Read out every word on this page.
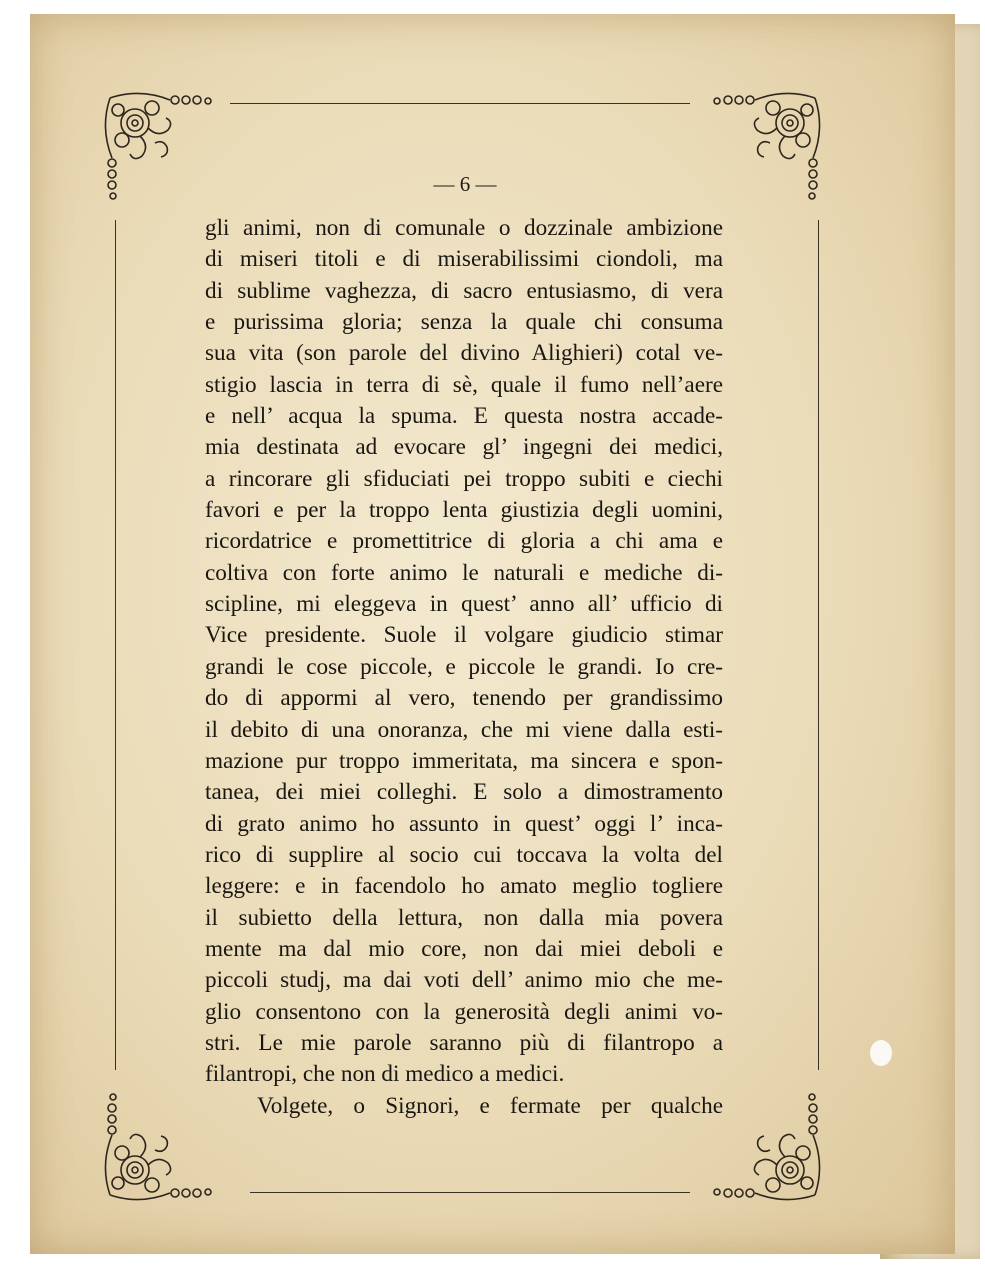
— 6 —
gli animi, non di comunale o dozzinale ambizione
di miseri titoli e di miserabilissimi ciondoli, ma
di sublime vaghezza, di sacro entusiasmo, di vera
e purissima gloria; senza la quale chi consuma
sua vita (son parole del divino Alighieri) cotal ve-
stigio lascia in terra di sè, quale il fumo nell’aere
e nell’ acqua la spuma. E questa nostra accade-
mia destinata ad evocare gl’ ingegni dei medici,
a rincorare gli sfiduciati pei troppo subiti e ciechi
favori e per la troppo lenta giustizia degli uomini,
ricordatrice e promettitrice di gloria a chi ama e
coltiva con forte animo le naturali e mediche di-
scipline, mi eleggeva in quest’ anno all’ ufficio di
Vice presidente. Suole il volgare giudicio stimar
grandi le cose piccole, e piccole le grandi. Io cre-
do di appormi al vero, tenendo per grandissimo
il debito di una onoranza, che mi viene dalla esti-
mazione pur troppo immeritata, ma sincera e spon-
tanea, dei miei colleghi. E solo a dimostramento
di grato animo ho assunto in quest’ oggi l’ inca-
rico di supplire al socio cui toccava la volta del
leggere: e in facendolo ho amato meglio togliere
il subietto della lettura, non dalla mia povera
mente ma dal mio core, non dai miei deboli e
piccoli studj, ma dai voti dell’ animo mio che me-
glio consentono con la generosità degli animi vo-
stri. Le mie parole saranno più di filantropo a
filantropi, che non di medico a medici.
Volgete, o Signori, e fermate per qualche
